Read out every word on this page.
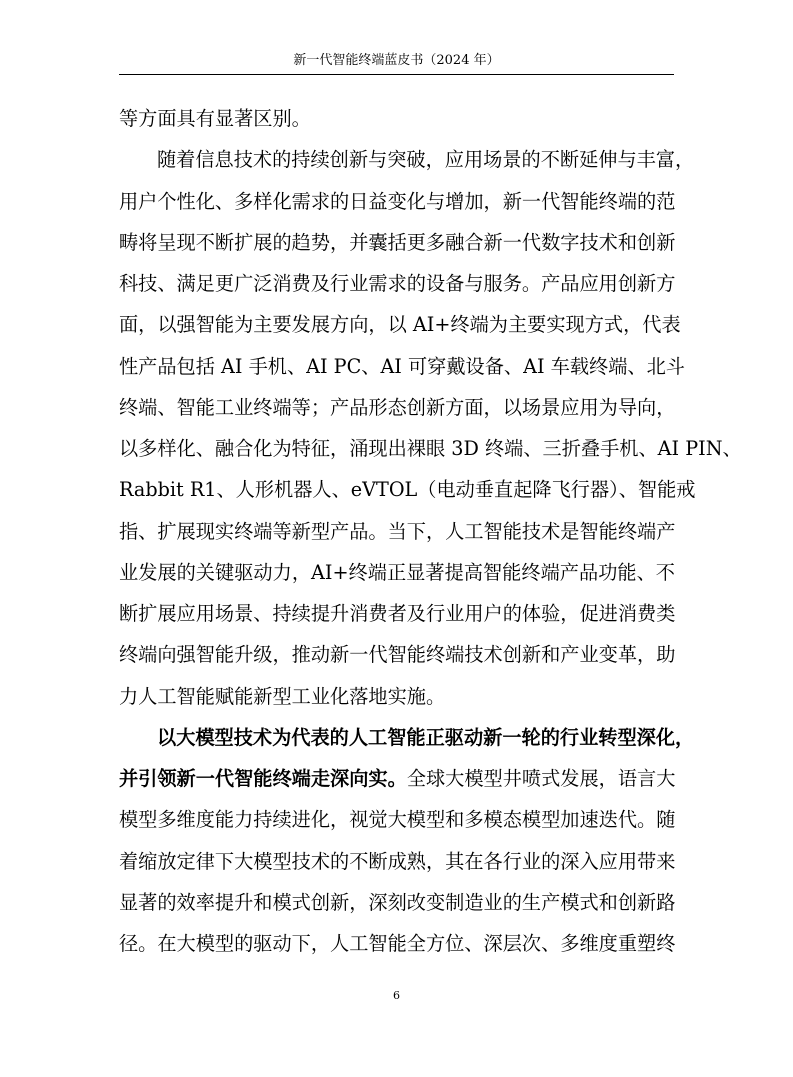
新一代智能终端蓝皮书（2024 年）
等方面具有显著区别。
随着信息技术的持续创新与突破，应用场景的不断延伸与丰富，
用户个性化、多样化需求的日益变化与增加，新一代智能终端的范
畴将呈现不断扩展的趋势，并囊括更多融合新一代数字技术和创新
科技、满足更广泛消费及行业需求的设备与服务。产品应用创新方
面，以强智能为主要发展方向，以 AI+终端为主要实现方式，代表
性产品包括 AI 手机、AI PC、AI 可穿戴设备、AI 车载终端、北斗
终端、智能工业终端等；产品形态创新方面，以场景应用为导向，
以多样化、融合化为特征，涌现出裸眼 3D 终端、三折叠手机、AI PIN、
Rabbit R1、人形机器人、eVTOL（电动垂直起降飞行器）、智能戒
指、扩展现实终端等新型产品。当下，人工智能技术是智能终端产
业发展的关键驱动力，AI+终端正显著提高智能终端产品功能、不
断扩展应用场景、持续提升消费者及行业用户的体验，促进消费类
终端向强智能升级，推动新一代智能终端技术创新和产业变革，助
力人工智能赋能新型工业化落地实施。
以大模型技术为代表的人工智能正驱动新一轮的行业转型深化，
并引领新一代智能终端走深向实。全球大模型井喷式发展，语言大
模型多维度能力持续进化，视觉大模型和多模态模型加速迭代。随
着缩放定律下大模型技术的不断成熟，其在各行业的深入应用带来
显著的效率提升和模式创新，深刻改变制造业的生产模式和创新路
径。在大模型的驱动下，人工智能全方位、深层次、多维度重塑终
6
